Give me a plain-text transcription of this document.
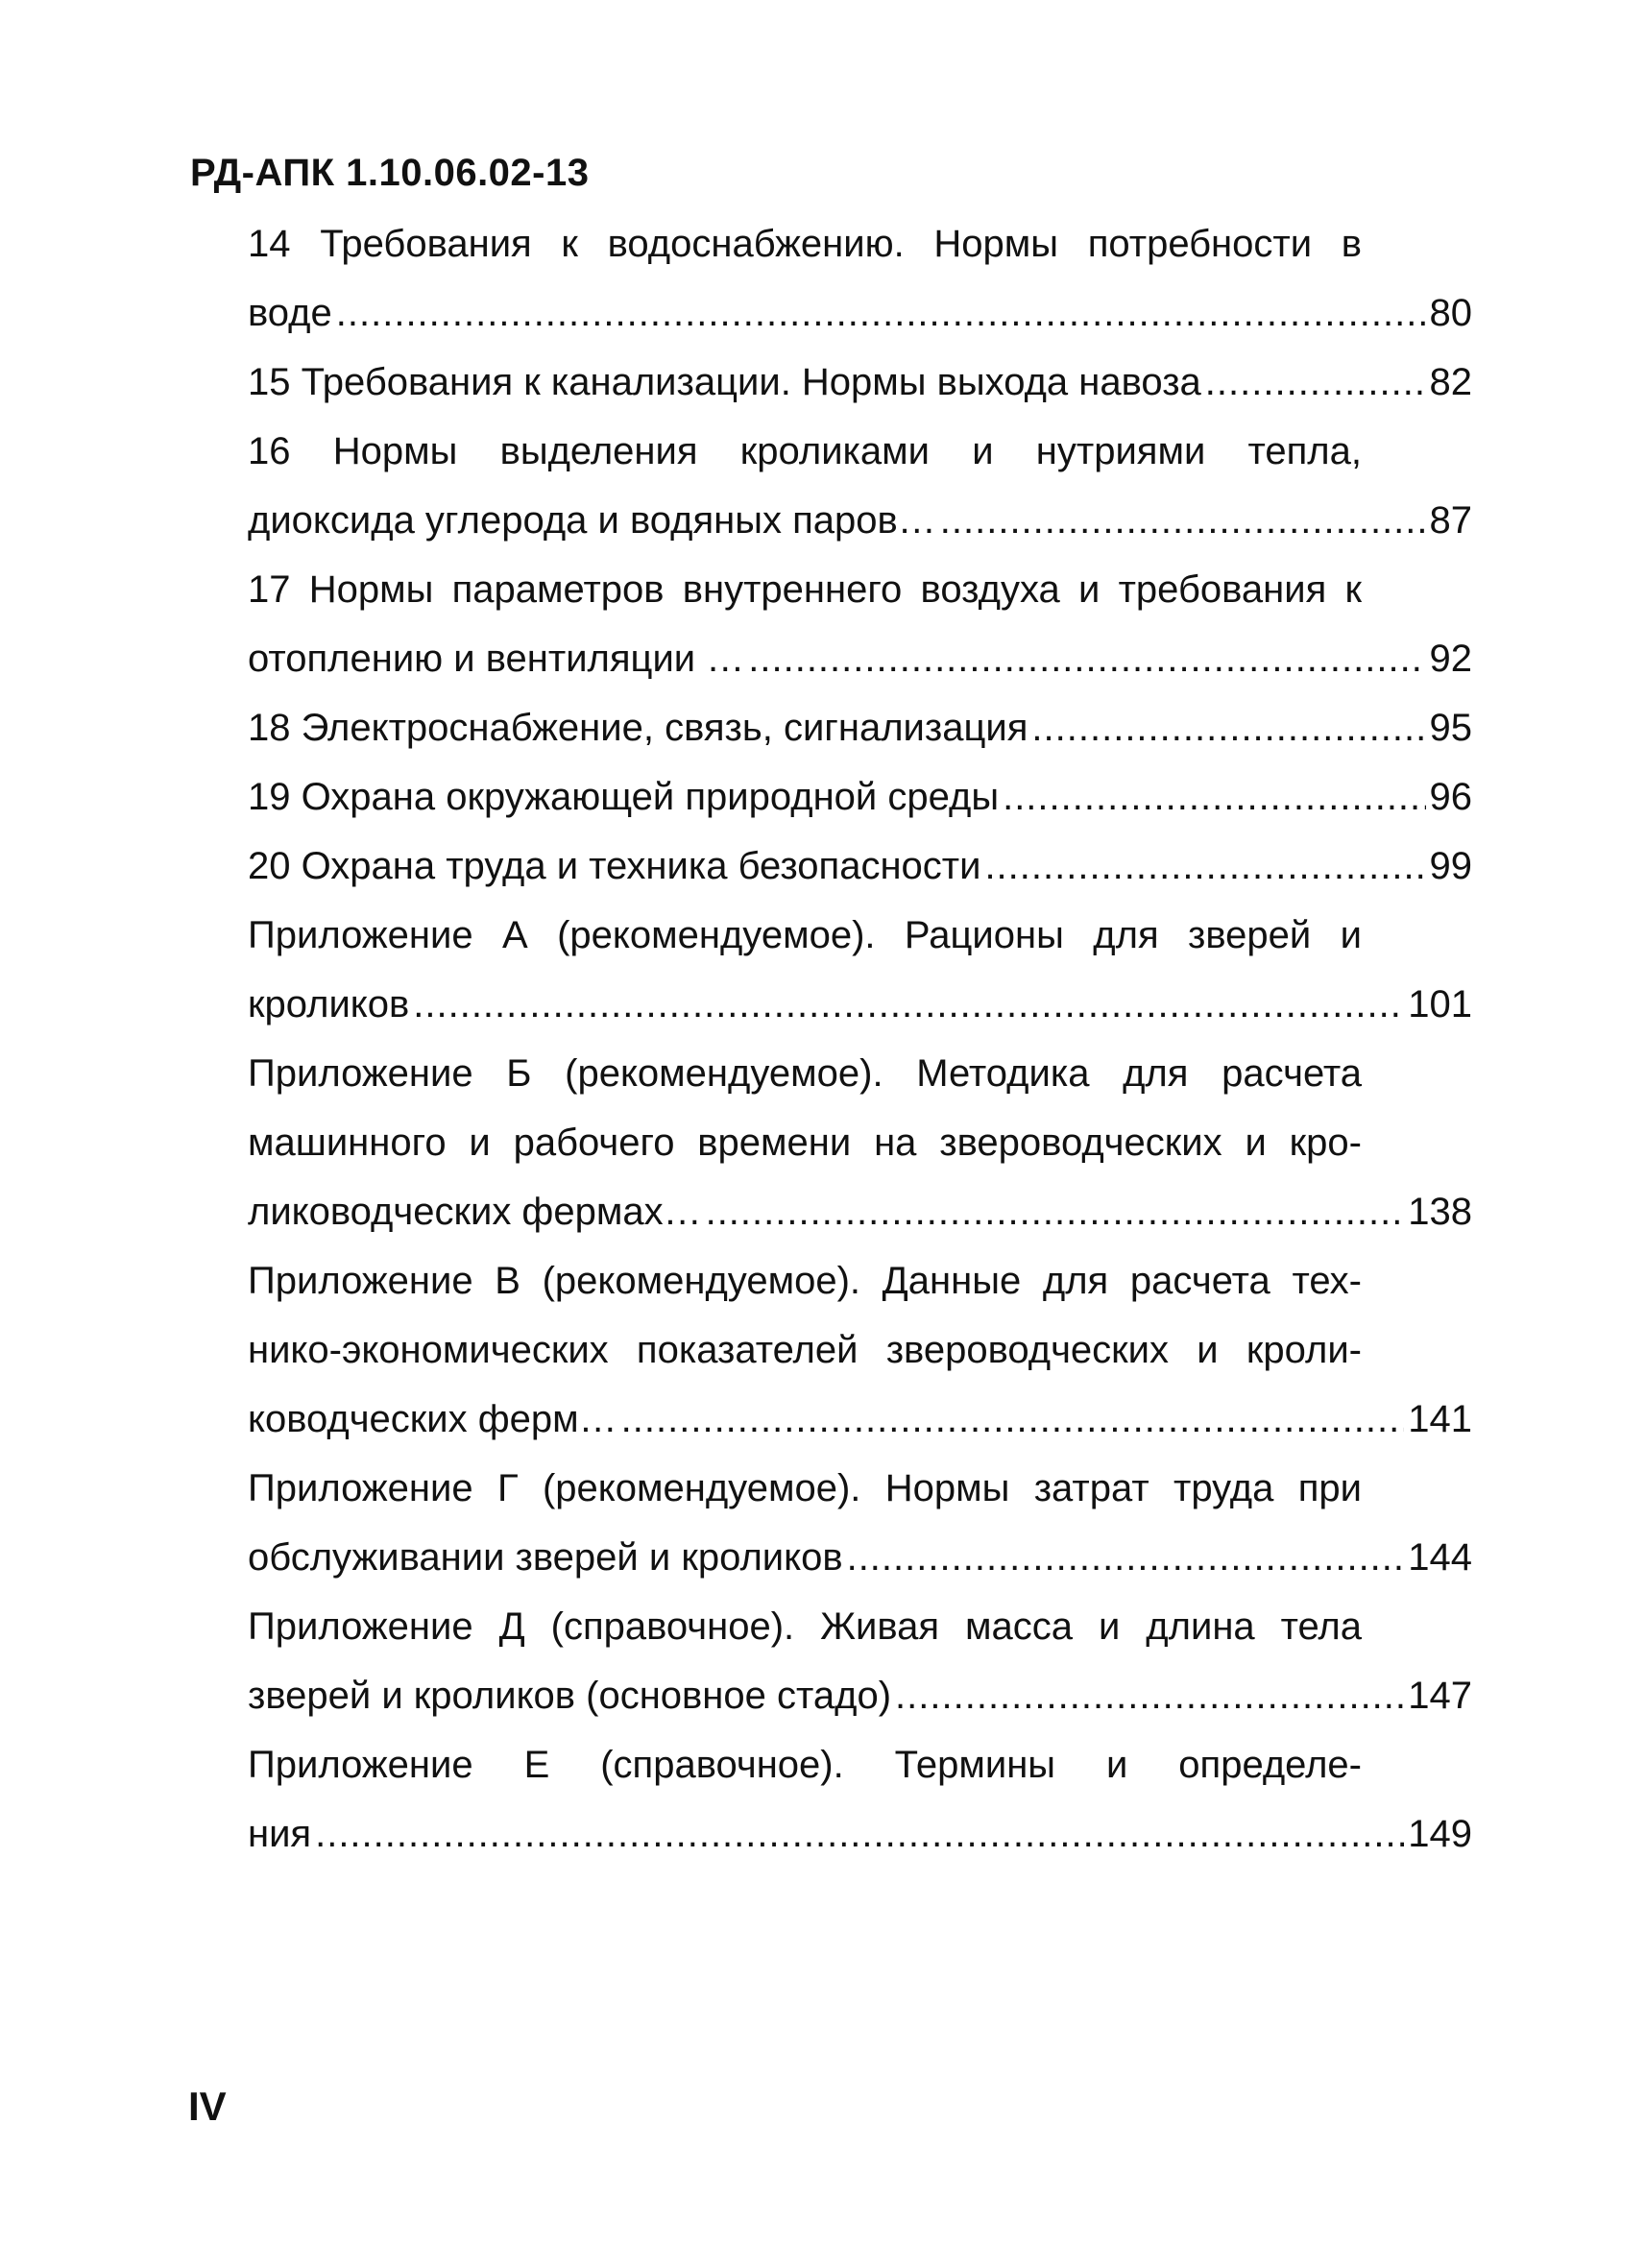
РД-АПК 1.10.06.02-13
14 Требования к водоснабжению. Нормы потребности в
воде .....	80
15 Требования к канализации. Нормы выхода навоза .....	82
16 Нормы выделения кроликами и нутриями тепла,
диоксида углерода и водяных паров… .....	87
17 Нормы параметров внутреннего воздуха и требования к
отоплению и вентиляции … .....	92
18 Электроснабжение, связь, сигнализация .....	95
19 Охрана окружающей природной среды .....	96
20 Охрана труда и техника безопасности .....	99
Приложение А (рекомендуемое). Рационы для зверей и
кроликов .....	101
Приложение Б (рекомендуемое). Методика для расчета
машинного и рабочего времени на звероводческих и кро-
лиководческих фермах… .....	138
Приложение В (рекомендуемое). Данные для расчета тех-
нико-экономических показателей звероводческих и кроли-
ководческих ферм… .....	141
Приложение Г (рекомендуемое). Нормы затрат труда при
обслуживании зверей и кроликов .....	144
Приложение Д (справочное). Живая масса и длина тела
зверей и кроликов (основное стадо) .....	147
Приложение Е (справочное). Термины и определе-
ния .....	149
IV
